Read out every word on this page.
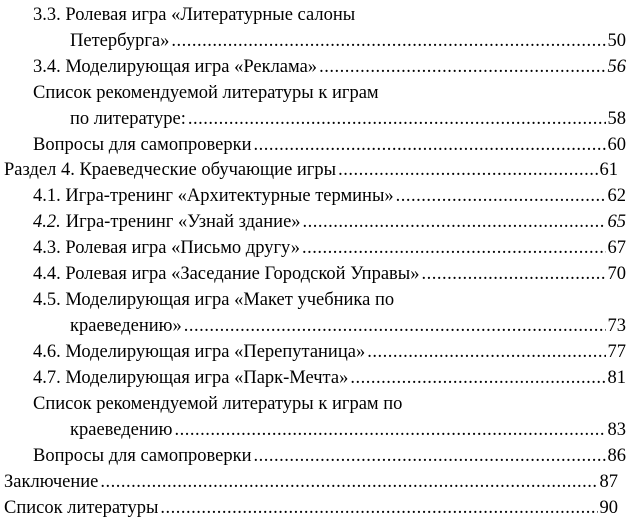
3.3. Ролевая игра «Литературные салоны
Петербурга» .....	50
3.4. Моделирующая игра «Реклама» .....	56
Список рекомендуемой литературы к играм
по литературе: .....	58
Вопросы для самопроверки .....	60
Раздел 4. Краеведческие обучающие игры .....	61
4.1. Игра-тренинг «Архитектурные термины» .....	62
4.2. Игра-тренинг «Узнай здание» .....	65
4.3. Ролевая игра «Письмо другу» .....	67
4.4. Ролевая игра «Заседание Городской Управы» .....	70
4.5. Моделирующая игра «Макет учебника по
краеведению» .....	73
4.6. Моделирующая игра «Перепутаница» .....	77
4.7. Моделирующая игра «Парк-Мечта» .....	81
Список рекомендуемой литературы к играм по
краеведению .....	83
Вопросы для самопроверки .....	86
Заключение .....	87
Список литературы .....	90
